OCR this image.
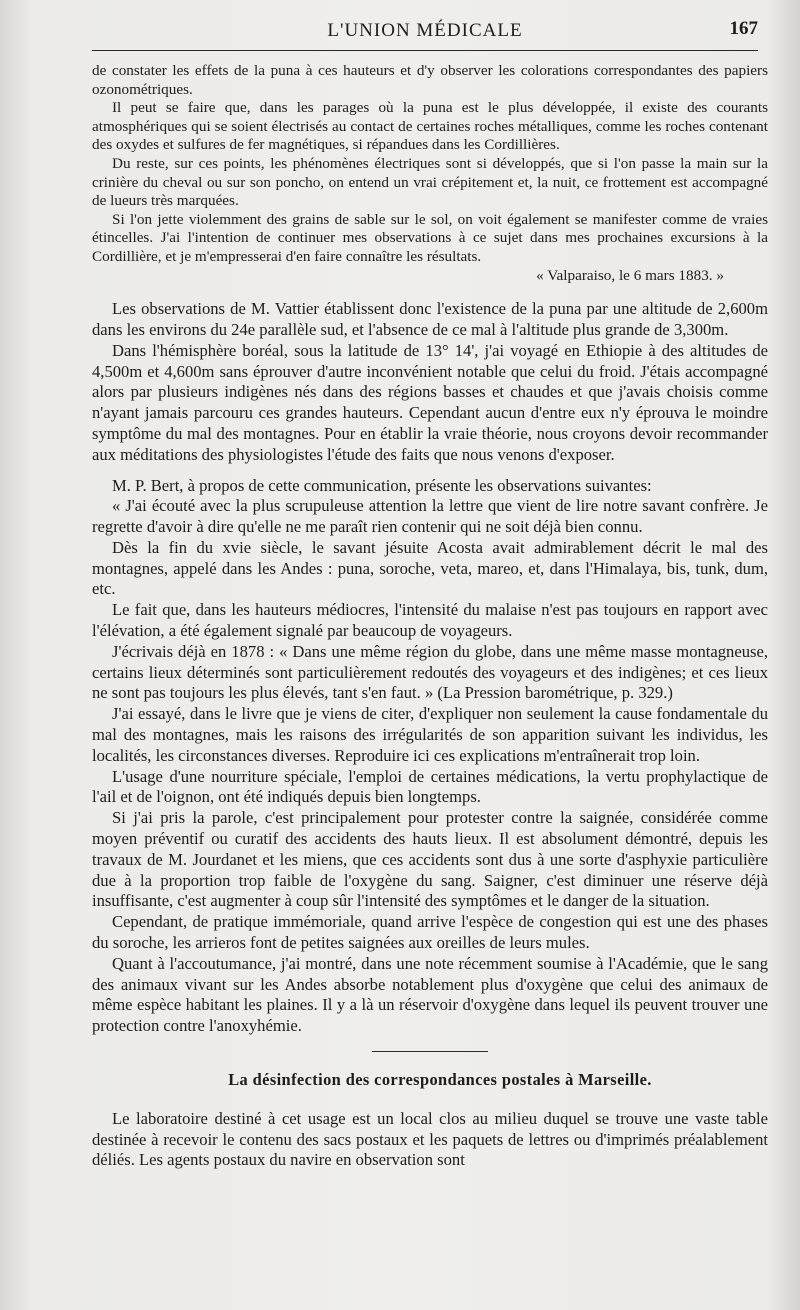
L'UNION MÉDICALE	167

de constater les effets de la puna à ces hauteurs et d'y observer les colorations correspondantes des papiers ozonométriques.

Il peut se faire que, dans les parages où la puna est le plus développée, il existe des courants atmosphériques qui se soient électrisés au contact de certaines roches métalliques, comme les roches contenant des oxydes et sulfures de fer magnétiques, si répandues dans les Cordillières.

Du reste, sur ces points, les phénomènes électriques sont si développés, que si l'on passe la main sur la crinière du cheval ou sur son poncho, on entend un vrai crépitement et, la nuit, ce frottement est accompagné de lueurs très marquées.

Si l'on jette violemment des grains de sable sur le sol, on voit également se manifester comme de vraies étincelles. J'ai l'intention de continuer mes observations à ce sujet dans mes prochaines excursions à la Cordillière, et je m'empresserai d'en faire connaître les résultats.

« Valparaiso, le 6 mars 1883. »

Les observations de M. Vattier établissent donc l'existence de la puna par une altitude de 2,600m dans les environs du 24e parallèle sud, et l'absence de ce mal à l'altitude plus grande de 3,300m.

Dans l'hémisphère boréal, sous la latitude de 13° 14', j'ai voyagé en Ethiopie à des altitudes de 4,500m et 4,600m sans éprouver d'autre inconvénient notable que celui du froid. J'étais accompagné alors par plusieurs indigènes nés dans des régions basses et chaudes et que j'avais choisis comme n'ayant jamais parcouru ces grandes hauteurs. Cependant aucun d'entre eux n'y éprouva le moindre symptôme du mal des montagnes. Pour en établir la vraie théorie, nous croyons devoir recommander aux méditations des physiologistes l'étude des faits que nous venons d'exposer.

M. P. Bert, à propos de cette communication, présente les observations suivantes:

« J'ai écouté avec la plus scrupuleuse attention la lettre que vient de lire notre savant confrère. Je regrette d'avoir à dire qu'elle ne me paraît rien contenir qui ne soit déjà bien connu.

Dès la fin du xvie siècle, le savant jésuite Acosta avait admirablement décrit le mal des montagnes, appelé dans les Andes : puna, soroche, veta, mareo, et, dans l'Himalaya, bis, tunk, dum, etc.

Le fait que, dans les hauteurs médiocres, l'intensité du malaise n'est pas toujours en rapport avec l'élévation, a été également signalé par beaucoup de voyageurs.

J'écrivais déjà en 1878 : « Dans une même région du globe, dans une même masse montagneuse, certains lieux déterminés sont particulièrement redoutés des voyageurs et des indigènes; et ces lieux ne sont pas toujours les plus élevés, tant s'en faut. » (La Pression barométrique, p. 329.)

J'ai essayé, dans le livre que je viens de citer, d'expliquer non seulement la cause fondamentale du mal des montagnes, mais les raisons des irrégularités de son apparition suivant les individus, les localités, les circonstances diverses. Reproduire ici ces explications m'entraînerait trop loin.

L'usage d'une nourriture spéciale, l'emploi de certaines médications, la vertu prophylactique de l'ail et de l'oignon, ont été indiqués depuis bien longtemps.

Si j'ai pris la parole, c'est principalement pour protester contre la saignée, considérée comme moyen préventif ou curatif des accidents des hauts lieux. Il est absolument démontré, depuis les travaux de M. Jourdanet et les miens, que ces accidents sont dus à une sorte d'asphyxie particulière due à la proportion trop faible de l'oxygène du sang. Saigner, c'est diminuer une réserve déjà insuffisante, c'est augmenter à coup sûr l'intensité des symptômes et le danger de la situation.

Cependant, de pratique immémoriale, quand arrive l'espèce de congestion qui est une des phases du soroche, les arrieros font de petites saignées aux oreilles de leurs mules.

Quant à l'accoutumance, j'ai montré, dans une note récemment soumise à l'Académie, que le sang des animaux vivant sur les Andes absorbe notablement plus d'oxygène que celui des animaux de même espèce habitant les plaines. Il y a là un réservoir d'oxygène dans lequel ils peuvent trouver une protection contre l'anoxyhémie.

La désinfection des correspondances postales à Marseille.

Le laboratoire destiné à cet usage est un local clos au milieu duquel se trouve une vaste table destinée à recevoir le contenu des sacs postaux et les paquets de lettres ou d'imprimés préalablement déliés. Les agents postaux du navire en observation sont
